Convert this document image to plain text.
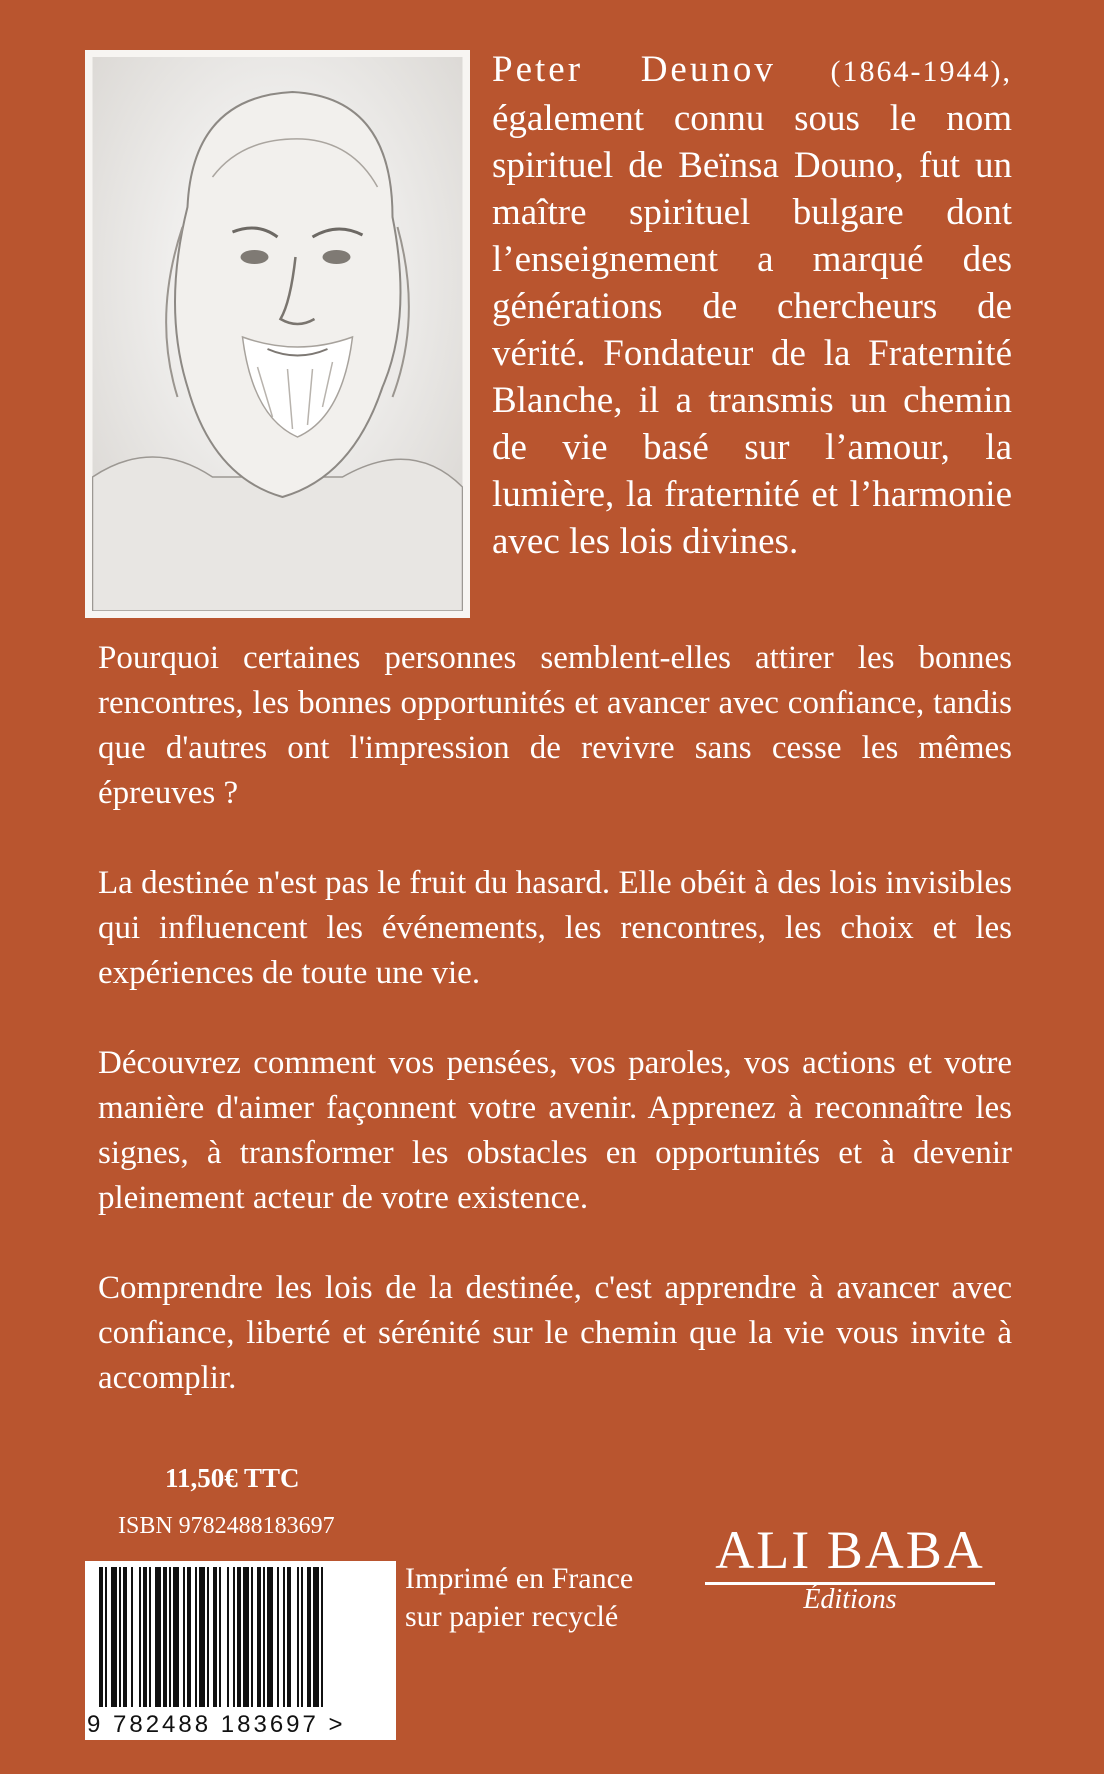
Peter Deunov (1864-1944), également connu sous le nom spirituel de Beïnsa Douno, fut un maître spirituel bulgare dont l’enseignement a marqué des générations de chercheurs de vérité. Fondateur de la Fraternité Blanche, il a transmis un chemin de vie basé sur l’amour, la lumière, la fraternité et l’harmonie avec les lois divines.

Pourquoi certaines personnes semblent-elles attirer les bonnes rencontres, les bonnes opportunités et avancer avec confiance, tandis que d'autres ont l'impression de revivre sans cesse les mêmes épreuves ?

La destinée n'est pas le fruit du hasard. Elle obéit à des lois invisibles qui influencent les événements, les rencontres, les choix et les expériences de toute une vie.

Découvrez comment vos pensées, vos paroles, vos actions et votre manière d'aimer façonnent votre avenir. Apprenez à reconnaître les signes, à transformer les obstacles en opportunités et à devenir pleinement acteur de votre existence.

Comprendre les lois de la destinée, c'est apprendre à avancer avec confiance, liberté et sérénité sur le chemin que la vie vous invite à accomplir.

11,50€ TTC
ISBN 9782488183697
9 782488 183697 >
Imprimé en France
sur papier recyclé
ALI BABA
Éditions
